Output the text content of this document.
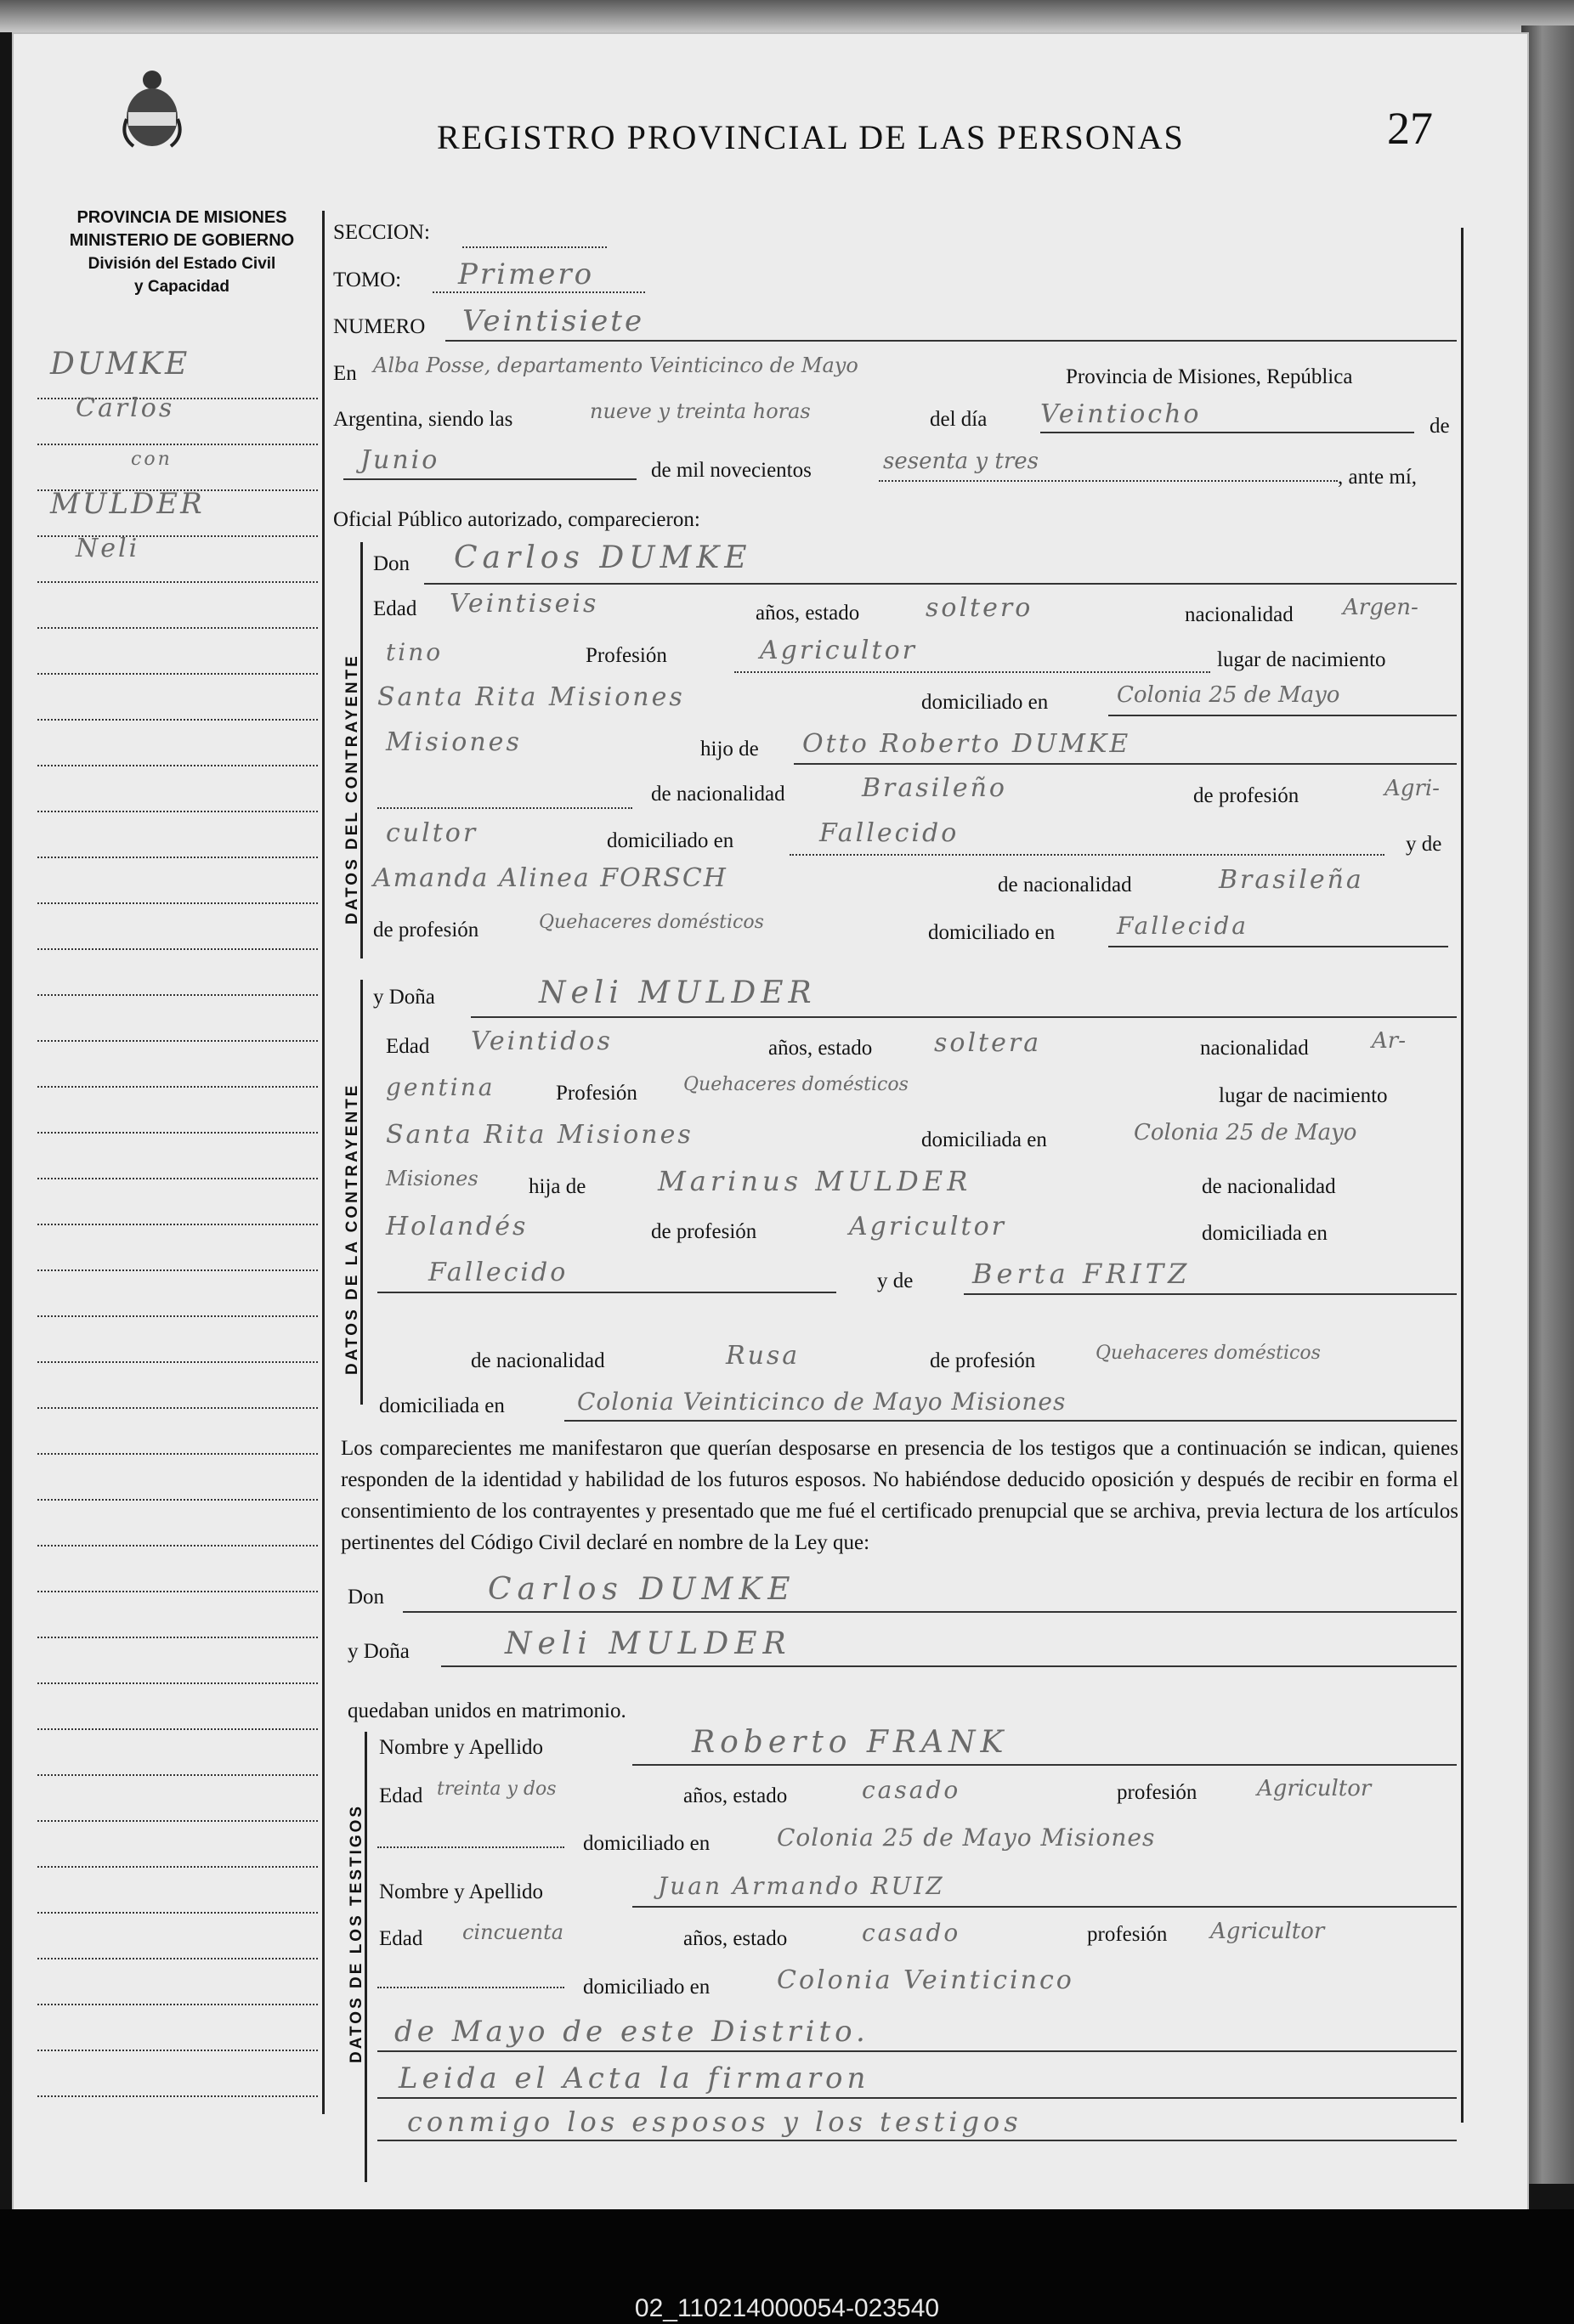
REGISTRO PROVINCIAL DE LAS PERSONAS	27
PROVINCIA DE MISIONES
MINISTERIO DE GOBIERNO
División del Estado Civil
y Capacidad
DUMKE
Carlos
con
MULDER
Neli
SECCION:
TOMO: Primero
NUMERO Veintisiete
En Alba Posse, departamento Veinticinco de Mayo	Provincia de Misiones, República
Argentina, siendo las	nueve y treinta horas	del día Veintiocho	de
Junio	de mil novecientos	sesenta y tres
, ante mí,
Oficial Público autorizado, comparecieron:
DATOS DEL CONTRAYENTE
Don Carlos DUMKE
Edad Veintiseis	años, estado	soltero	nacionalidad Argen-
tino	Profesión	Agricultor	lugar de nacimiento
Santa Rita Misiones	domiciliado en	Colonia 25 de Mayo
Misiones	hijo de Otto Roberto DUMKE
de nacionalidad	Brasileño	de profesión	Agri-
cultor	domiciliado en	Fallecido	y de
Amanda Alinea FORSCH	de nacionalidad	Brasileña
de profesión	Quehaceres domésticos	domiciliado en	Fallecida
DATOS DE LA CONTRAYENTE
y Doña	Neli MULDER
Edad Veintidos	años, estado soltera	nacionalidad	Ar-
gentina	Profesión Quehaceres domésticos	lugar de nacimiento
Santa Rita Misiones	domiciliada en	Colonia 25 de Mayo
Misiones hija de	Marinus MULDER	de nacionalidad
Holandés	de profesión	Agricultor	domiciliada en
Fallecido	y de Berta FRITZ
de nacionalidad	Rusa	de profesión	Quehaceres domésticos
domiciliada en	Colonia Veinticinco de Mayo Misiones
Los comparecientes me manifestaron que querían desposarse en presencia de los testigos que a continuación se indican, quienes responden de la identidad y habilidad de los futuros esposos. No habiéndose deducido oposición y después de recibir en forma el consentimiento de los contrayentes y presentado que me fué el certificado prenupcial que se archiva, previa lectura de los artículos pertinentes del Código Civil declaré en nombre de la Ley que:
Don	Carlos DUMKE
y Doña	Neli MULDER
quedaban unidos en matrimonio.
DATOS DE LOS TESTIGOS
Nombre y Apellido	Roberto FRANK
Edad treinta y dos	años, estado	casado	profesión	Agricultor
domiciliado en	Colonia 25 de Mayo Misiones
Nombre y Apellido	Juan Armando RUIZ
Edad cincuenta	años, estado	casado	profesión Agricultor
domiciliado en	Colonia Veinticinco
de Mayo de este Distrito.
Leida el Acta la firmaron
conmigo los esposos y los testigos
02_110214000054-023540
